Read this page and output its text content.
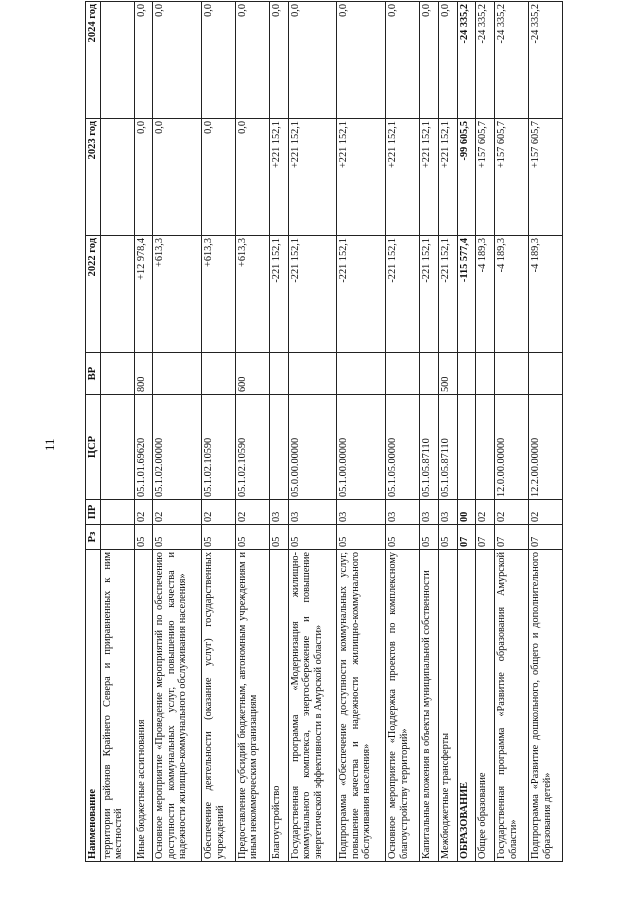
11
Наименование	Рз	ПР	ЦСР	ВР	2022 год	2023 год	2024 год
территории районов Крайнего Севера и приравненных к ним местностей							
Иные бюджетные ассигнования	05	02	05.1.01.69620	800	+12 978,4	0,0	0,0
Основное мероприятие «Проведение мероприятий по обеспечению доступности коммунальных услуг, повышению качества и надежности жилищно-коммунального обслуживания населения»	05	02	05.1.02.00000		+613,3	0,0	0,0
Обеспечение деятельности (оказание услуг) государственных учреждений	05	02	05.1.02.10590		+613,3	0,0	0,0
Предоставление субсидий бюджетным, автономным учреждениям и иным некоммерческим организациям	05	02	05.1.02.10590	600	+613,3	0,0	0,0
Благоустройство	05	03			-221 152,1	+221 152,1	0,0
Государственная программа «Модернизация жилищно-коммунального комплекса, энергосбережение и повышение энергетической эффективности в Амурской области»	05	03	05.0.00.00000		-221 152,1	+221 152,1	0,0
Подпрограмма «Обеспечение доступности коммунальных услуг, повышение качества и надежности жилищно-коммунального обслуживания населения»	05	03	05.1.00.00000		-221 152,1	+221 152,1	0,0
Основное мероприятие «Поддержка проектов по комплексному благоустройству территорий»	05	03	05.1.05.00000		-221 152,1	+221 152,1	0,0
Капитальные вложения в объекты муниципальной собственности	05	03	05.1.05.87110		-221 152,1	+221 152,1	0,0
Межбюджетные трансферты	05	03	05.1.05.87110	500	-221 152,1	+221 152,1	0,0
ОБРАЗОВАНИЕ	07	00			-115 577,4	-99 605,5	-24 335,2
Общее образование	07	02			-4 189,3	+157 605,7	-24 335,2
Государственная программа «Развитие образования Амурской области»	07	02	12.0.00.00000		-4 189,3	+157 605,7	-24 335,2
Подпрограмма «Развитие дошкольного, общего и дополнительного образования детей»	07	02	12.2.00.00000		-4 189,3	+157 605,7	-24 335,2
